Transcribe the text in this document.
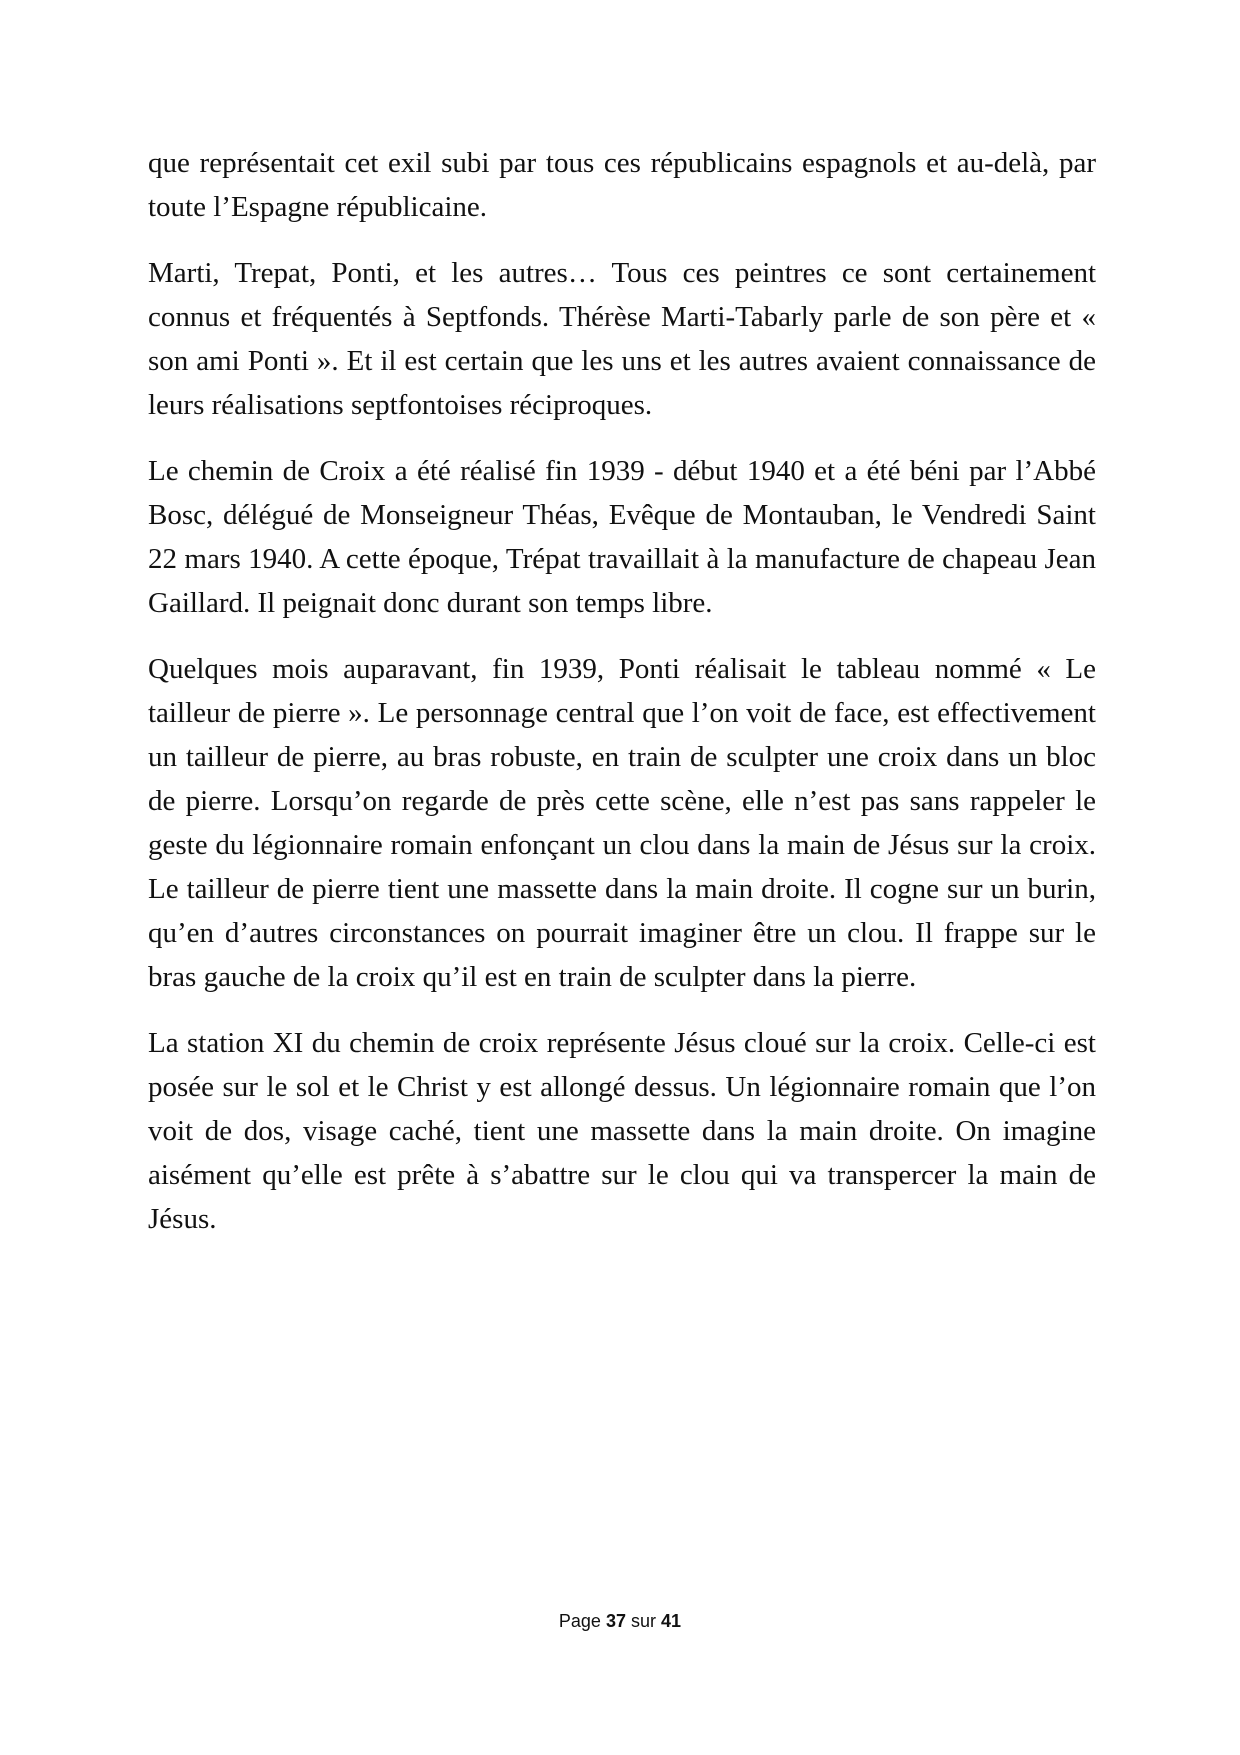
que représentait cet exil subi par tous ces républicains espagnols et au-delà, par toute l’Espagne républicaine.

Marti, Trepat, Ponti, et les autres… Tous ces peintres ce sont certainement connus et fréquentés à Septfonds. Thérèse Marti-Tabarly parle de son père et « son ami Ponti ». Et il est certain que les uns et les autres avaient connaissance de leurs réalisations septfontoises réciproques.

Le chemin de Croix a été réalisé fin 1939 - début 1940 et a été béni par l’Abbé Bosc, délégué de Monseigneur Théas, Evêque de Montauban, le Vendredi Saint 22 mars 1940. A cette époque, Trépat travaillait à la manufacture de chapeau Jean Gaillard. Il peignait donc durant son temps libre.

Quelques mois auparavant, fin 1939, Ponti réalisait le tableau nommé « Le tailleur de pierre ». Le personnage central que l’on voit de face, est effectivement un tailleur de pierre, au bras robuste, en train de sculpter une croix dans un bloc de pierre. Lorsqu’on regarde de près cette scène, elle n’est pas sans rappeler le geste du légionnaire romain enfonçant un clou dans la main de Jésus sur la croix. Le tailleur de pierre tient une massette dans la main droite. Il cogne sur un burin, qu’en d’autres circonstances on pourrait imaginer être un clou. Il frappe sur le bras gauche de la croix qu’il est en train de sculpter dans la pierre.

La station XI du chemin de croix représente Jésus cloué sur la croix. Celle-ci est posée sur le sol et le Christ y est allongé dessus. Un légionnaire romain que l’on voit de dos, visage caché, tient une massette dans la main droite. On imagine aisément qu’elle est prête à s’abattre sur le clou qui va transpercer la main de Jésus.

Page 37 sur 41
